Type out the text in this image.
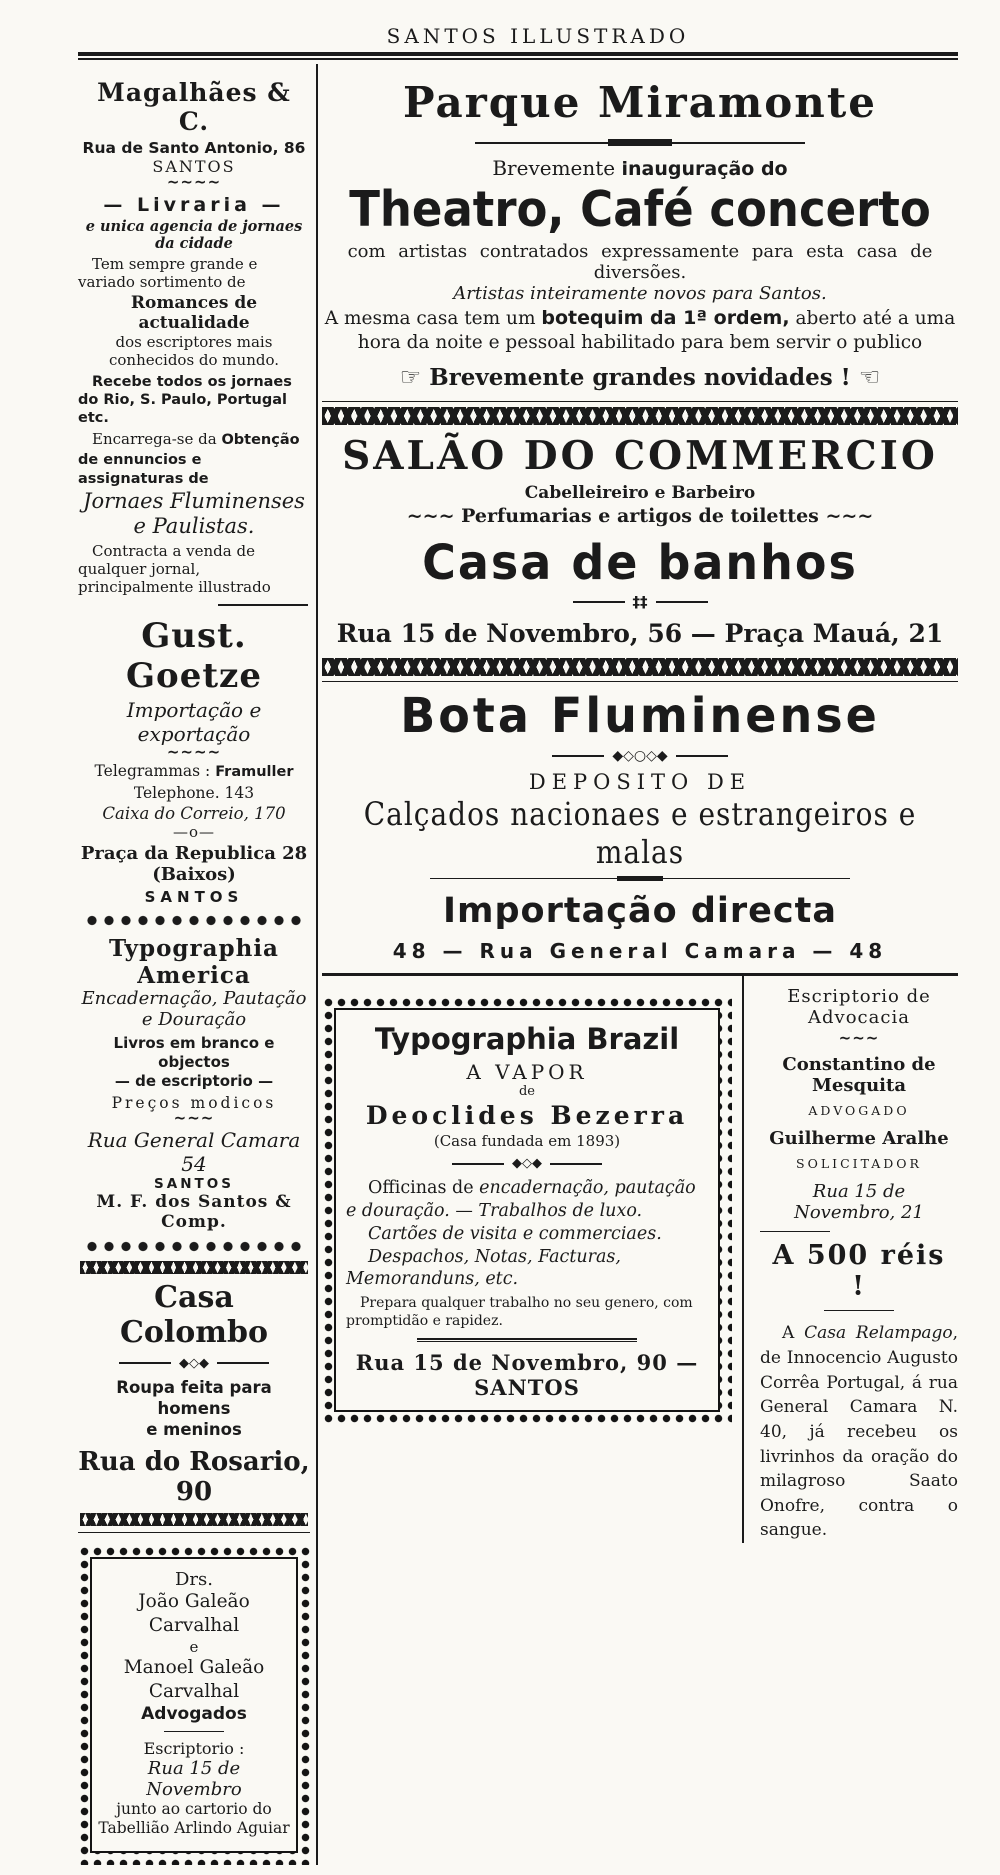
SANTOS ILLUSTRADO
Magalhães & C.
Rua de Santo Antonio, 86
SANTOS
~~~~
— Livraria —
e unica agencia de jornaes da cidade

Tem sempre grande e variado sortimento de

Romances de actualidade
dos escriptores mais conhecidos do mundo.

Recebe todos os jornaes do Rio, S. Paulo, Portugal etc.

Encarrega-se da Obtenção de ennuncios e assignaturas de

Jornaes Fluminenses
e Paulistas.

Contracta a venda de qualquer jornal, principalmente illustrado

Gust. Goetze
Importação e exportação
~~~~
Telegrammas : Framuller
Telephone. 143
Caixa do Correio, 170
—o—
Praça da Republica 28 (Baixos)
SANTOS
Typographia America
Encadernação, Pautação
e Douração
Livros em branco e objectos
— de escriptorio —
Preços modicos
~~~
Rua General Camara 54
SANTOS
M. F. dos Santos & Comp.
Casa Colombo
◆◇◆
Roupa feita para homens
e meninos
Rua do Rosario, 90
Drs.
João Galeão Carvalhal
e
Manoel Galeão Carvalhal
Advogados
Escriptorio :
Rua 15 de Novembro
junto ao cartorio do
Tabellião Arlindo Aguiar
Parque Miramonte
Brevemente inauguração do
Theatro, Café concerto

com artistas contratados expressamente para esta casa de diversões.

Artistas inteiramente novos para Santos.

A mesma casa tem um botequim da 1ª ordem, aberto até a uma hora da noite e pessoal habilitado para bem servir o publico

☞ Brevemente grandes novidades ! ☜
SALÃO DO COMMERCIO
Cabelleireiro e Barbeiro
~~~ Perfumarias e artigos de toilettes ~~~
Casa de banhos
‡‡
Rua 15 de Novembro, 56 — Praça Mauá, 21
Bota Fluminense
◆◇○◇◆
DEPOSITO DE
Calçados nacionaes e estrangeiros e malas
Importação directa
48 — Rua General Camara — 48
Typographia Brazil
A VAPOR
de
Deoclides Bezerra
(Casa fundada em 1893)
◆◇◆

Officinas de encadernação, pautação e douração. — Trabalhos de luxo.

Cartões de visita e commerciaes.

Despachos, Notas, Facturas, Memoranduns, etc.

Prepara qualquer trabalho no seu genero, com promptidão e rapidez.

Rua 15 de Novembro, 90 — SANTOS
Escriptorio de Advocacia
~~~
Constantino de Mesquita
ADVOGADO
Guilherme Aralhe
SOLICITADOR
Rua 15 de Novembro, 21
A 500 réis !

A Casa Relampago, de Innocencio Augusto Corrêa Portugal, á rua General Camara N. 40, já recebeu os livrinhos da oração do milagroso Saato Onofre, contra o sangue.
